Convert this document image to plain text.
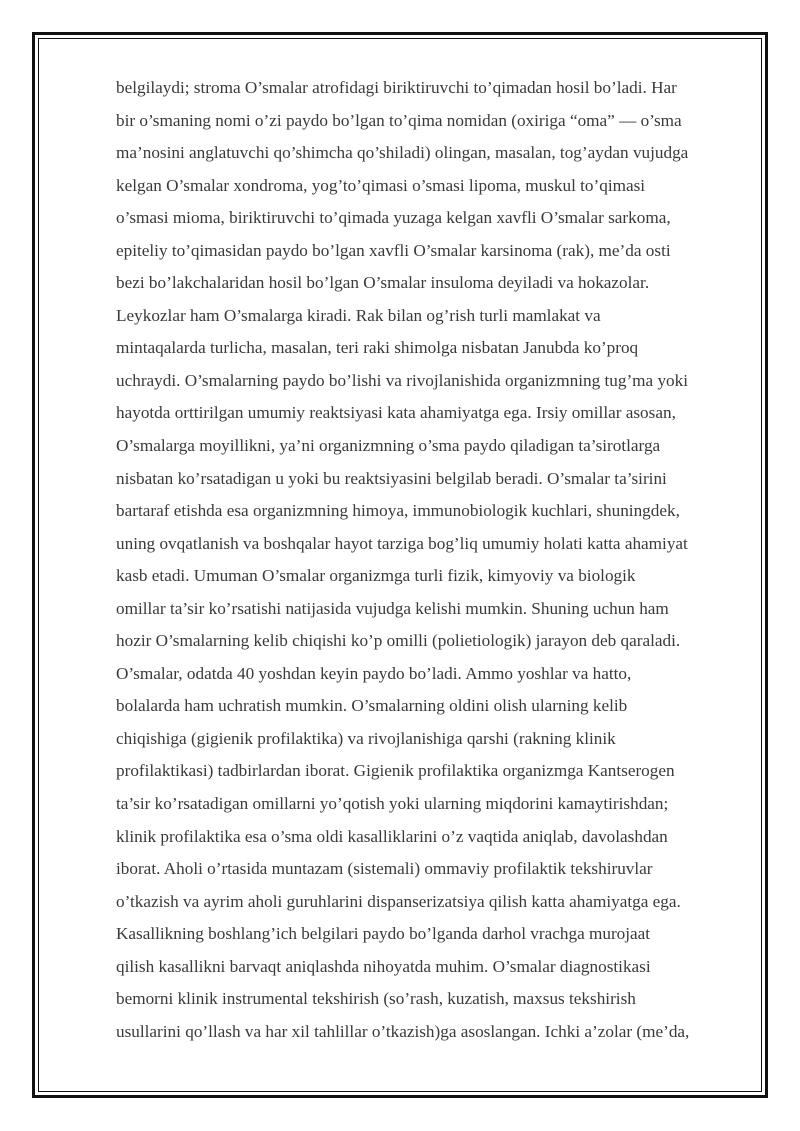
belgilaydi; stroma O’smalar atrofidagi biriktiruvchi to’qimadan hosil bo’ladi. Har
bir o’smaning nomi o’zi paydo bo’lgan to’qima nomidan (oxiriga “oma” — o’sma
ma’nosini anglatuvchi qo’shimcha qo’shiladi) olingan, masalan, tog’aydan vujudga
kelgan O’smalar xondroma, yog’to’qimasi o’smasi lipoma, muskul to’qimasi
o’smasi mioma, biriktiruvchi to’qimada yuzaga kelgan xavfli O’smalar sarkoma,
epiteliy to’qimasidan paydo bo’lgan xavfli O’smalar karsinoma (rak), me’da osti
bezi bo’lakchalaridan hosil bo’lgan O’smalar insuloma deyiladi va hokazolar.
Leykozlar ham O’smalarga kiradi. Rak bilan og’rish turli mamlakat va
mintaqalarda turlicha, masalan, teri raki shimolga nisbatan Janubda ko’proq
uchraydi. O’smalarning paydo bo’lishi va rivojlanishida organizmning tug’ma yoki
hayotda orttirilgan umumiy reaktsiyasi kata ahamiyatga ega. Irsiy omillar asosan,
O’smalarga moyillikni, ya’ni organizmning o’sma paydo qiladigan ta’sirotlarga
nisbatan ko’rsatadigan u yoki bu reaktsiyasini belgilab beradi. O’smalar ta’sirini
bartaraf etishda esa organizmning himoya, immunobiologik kuchlari, shuningdek,
uning ovqatlanish va boshqalar hayot tarziga bog’liq umumiy holati katta ahamiyat
kasb etadi. Umuman O’smalar organizmga turli fizik, kimyoviy va biologik
omillar ta’sir ko’rsatishi natijasida vujudga kelishi mumkin. Shuning uchun ham
hozir O’smalarning kelib chiqishi ko’p omilli (polietiologik) jarayon deb qaraladi.
O’smalar, odatda 40 yoshdan keyin paydo bo’ladi. Ammo yoshlar va hatto,
bolalarda ham uchratish mumkin. O’smalarning oldini olish ularning kelib
chiqishiga (gigienik profilaktika) va rivojlanishiga qarshi (rakning klinik
profilaktikasi) tadbirlardan iborat. Gigienik profilaktika organizmga Kantserogen
ta’sir ko’rsatadigan omillarni yo’qotish yoki ularning miqdorini kamaytirishdan;
klinik profilaktika esa o’sma oldi kasalliklarini o’z vaqtida aniqlab, davolashdan
iborat. Aholi o’rtasida muntazam (sistemali) ommaviy profilaktik tekshiruvlar
o’tkazish va ayrim aholi guruhlarini dispanserizatsiya qilish katta ahamiyatga ega.
Kasallikning boshlang’ich belgilari paydo bo’lganda darhol vrachga murojaat
qilish kasallikni barvaqt aniqlashda nihoyatda muhim. O’smalar diagnostikasi
bemorni klinik instrumental tekshirish (so’rash, kuzatish, maxsus tekshirish
usullarini qo’llash va har xil tahlillar o’tkazish)ga asoslangan. Ichki a’zolar (me’da,
